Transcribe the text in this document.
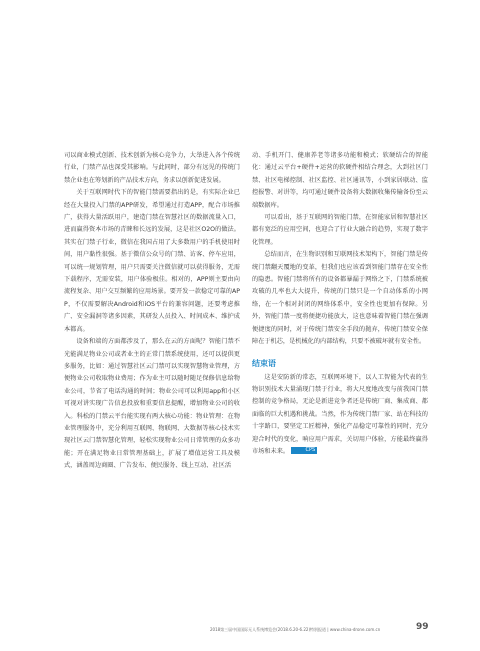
司以商业模式创新、技术创新为核心竞争力，大举进入各个传统行业，门禁产品也深受其影响。与此同时，部分有远见的传统门禁企业也在筹划新的产品技术方向，务求以创新促进发展。

关于互联网时代下的智能门禁需要指出的是，有实际企业已经在大量投入门禁的APP研发，希望通过打造APP，配合市场推广，获得大量活跃用户，建造门禁在智慧社区的数据流量入口，进而赢得资本市场的青睐和长远的发展，这是社区O2O的做法。其实在门禁子行业，微信在我国占用了大多数用户的手机使用时间，用户黏性很强。基于微信公众号的门禁、访客、停车应用，可以统一规划管理，用户只需要关注微信就可以获得服务，无需下载程序，无需安装，用户体验极佳。相对的，APP则主要由向流程复杂、用户交互频繁的应用场景。要开发一款稳定可靠的APP，不仅需要解决Android和iOS平台的兼容问题，还要考虑推广、安全漏洞等诸多因素，其研发人员投入、时间成本、维护成本都高。

设备和端的方面都涉及了，那么在云的方面呢？智能门禁不光能满足物业公司或者业主的正常门禁系统使用，还可以提供更多服务，比如：通过智慧社区云门禁可以实现智慧物业管理，方便物业公司收取物业费用；作为业主可以随时随足保修信息给物业公司，节省了电话沟通的时间；物业公司可以利用app和小区可视对讲实现广告信息投放和重要信息提醒，增加物业公司的收入。科松的门禁云平台能实现有两大核心功能：物业管理：在物业管理服务中，充分利用互联网、物联网、大数据等核心技术实现社区云门禁智慧化管理，轻松实现物业公司日常管理的众多功能；开在满足物业日常管理基础上，扩展了增值运营工具及模式，涵盖周边商圈、广告发布、便民服务、线上互动、社区活

动、手机开门、健康养老等诸多功能和模式；软硬结合的智能化：通过云平台+硬件+运营的软硬件相结合理念，大到社区门禁、社区电梯控制、社区监控、社区通讯等，小到家居联动、监控报警、对讲等，均可通过硬件设备将大数据收集传输备份至云端数据库。

可以看出，基于互联网的智能门禁，在智能家居和智慧社区都有宽泛的应用空间，也迎合了行业大融合的趋势，实现了数字化管理。

总结而言，在生物识别和互联网技术架构下，智能门禁是传统门禁翻天覆地的变革，但我们也应该看到智能门禁存在安全性的隐患。智能门禁将所有的设备都暴漏于网络之下，门禁系统被攻破的几率也大大提升，传统的门禁只是一个自动体系的小网络，在一个相对封闭的网络体系中，安全性也更加有保障。另外，智能门禁一度将便捷功能放大，这也意味着智能门禁在强调便捷度的同时，对于传统门禁安全手段的抛弃，传统门禁安全保障在于机芯，是机械化的内部结构，只要不被破坏就有安全性。

结束语

这是安防新的常态，互联网环境下，以人工智能为代表的生物识别技术大量涌现门禁于行业，将大尺度地改变与前我国门禁控制的竞争格局，无论是新进竞争者还是传统厂商、集成商、都面临的巨大机遇和挑战。当然，作为传统门禁厂家、站在科技的十字路口，要坚定工匠精神，强化产品稳定可靠性的同时，充分迎合时代的变化，响应用户需求，关切用户体验，方能最终赢得市场和未来。	CPS

2018第三届中国国际无人系统博览会(2018.6.20-6.22)特别报道 | www.china-drone.com.cn	99
